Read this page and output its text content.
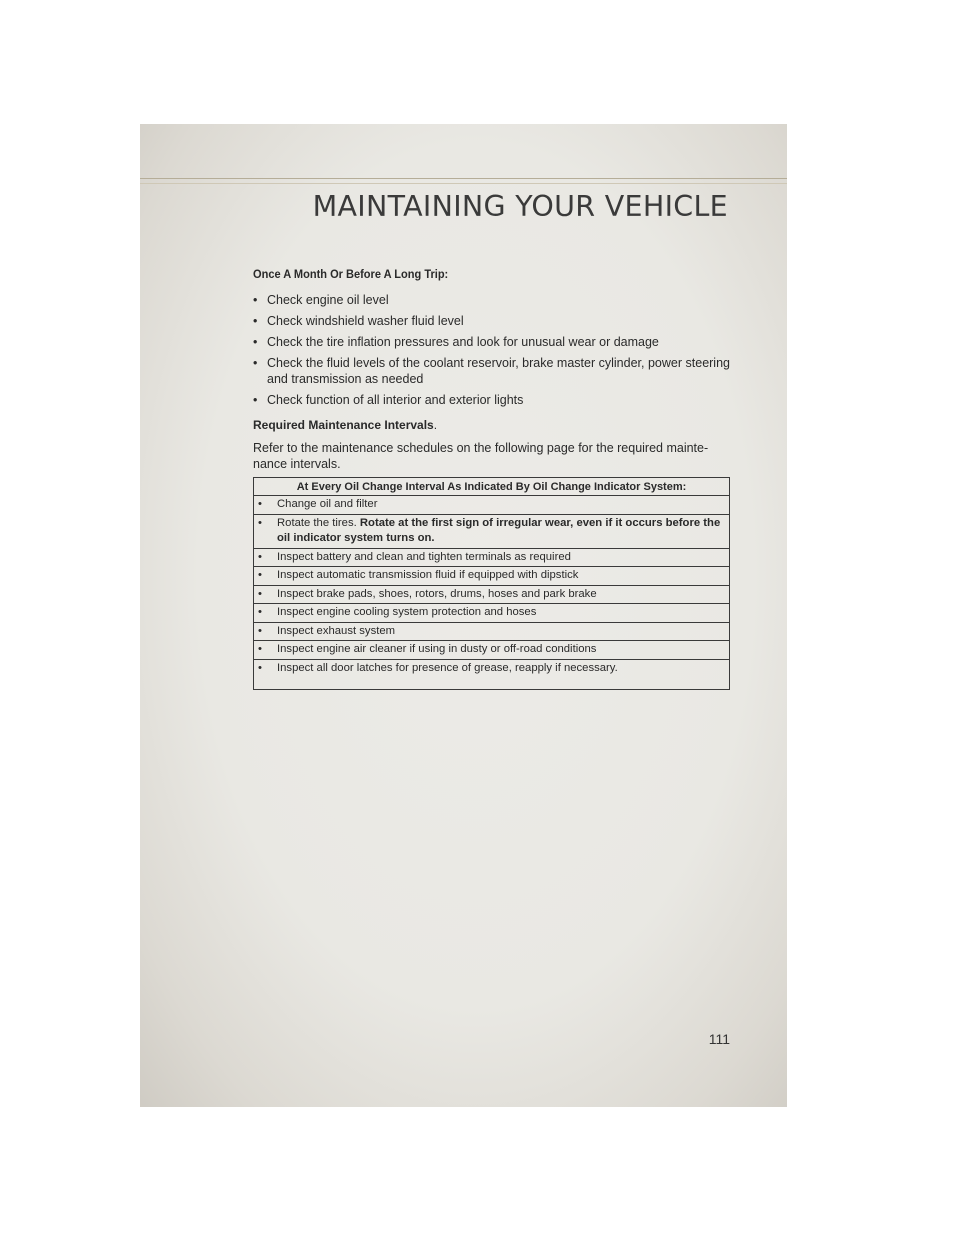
MAINTAINING YOUR VEHICLE
Once A Month Or Before A Long Trip:
• Check engine oil level
• Check windshield washer fluid level
• Check the tire inflation pressures and look for unusual wear or damage
• Check the fluid levels of the coolant reservoir, brake master cylinder, power steering and transmission as needed
• Check function of all interior and exterior lights
Required Maintenance Intervals.
Refer to the maintenance schedules on the following page for the required mainte-nance intervals.
At Every Oil Change Interval As Indicated By Oil Change Indicator System:

• Change oil and filter

• Rotate the tires. Rotate at the first sign of irregular wear, even if it occurs before the oil indicator system turns on.

• Inspect battery and clean and tighten terminals as required

• Inspect automatic transmission fluid if equipped with dipstick

• Inspect brake pads, shoes, rotors, drums, hoses and park brake

• Inspect engine cooling system protection and hoses

• Inspect exhaust system

• Inspect engine air cleaner if using in dusty or off-road conditions

• Inspect all door latches for presence of grease, reapply if necessary.
111
